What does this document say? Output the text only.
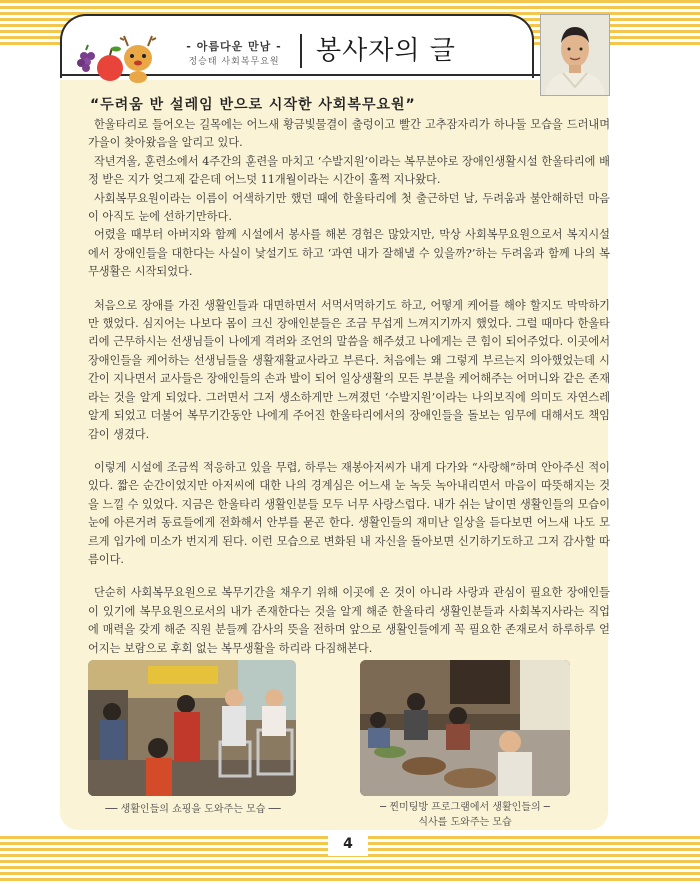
- 아름다운 만남 -
정승태 사회복무요원	봉사자의 글
“두려움 반 설레임 반으로 시작한 사회복무요원”

한울타리로 들어오는 길목에는 어느새 황금빛물결이 출렁이고 빨간 고추잠자리가 하나둘 모습을 드러내며 가을이 찾아왔음을 알리고 있다.

작년겨울, 훈련소에서 4주간의 훈련을 마치고 ‘수발지원’이라는 복무분야로 장애인생활시설 한울타리에 배정 받은 지가 엊그제 같은데 어느덧 11개월이라는 시간이 훌쩍 지나왔다.

사회복무요원이라는 이름이 어색하기만 했던 때에 한울타리에 첫 출근하던 날, 두려움과 불안해하던 마음이 아직도 눈에 선하기만하다.

어렸을 때부터 아버지와 함께 시설에서 봉사를 해본 경험은 많았지만, 막상 사회복무요원으로서 복지시설에서 장애인들을 대한다는 사실이 낯설기도 하고 ‘과연 내가 잘해낼 수 있을까?’하는 두려움과 함께 나의 복무생활은 시작되었다.

처음으로 장애를 가진 생활인들과 대면하면서 서먹서먹하기도 하고, 어떻게 케어를 해야 할지도 막막하기만 했었다. 심지어는 나보다 몸이 크신 장애인분들은 조금 무섭게 느껴지기까지 했었다. 그럴 때마다 한울타리에 근무하시는 선생님들이 나에게 격려와 조언의 말씀을 해주셨고 나에게는 큰 힘이 되어주었다. 이곳에서 장애인들을 케어하는 선생님들을 생활재활교사라고 부른다. 처음에는 왜 그렇게 부르는지 의아했었는데 시간이 지나면서 교사들은 장애인들의 손과 발이 되어 일상생활의 모든 부분을 케어해주는 어머니와 같은 존재라는 것을 알게 되었다. 그러면서 그저 생소하게만 느껴졌던 ‘수발지원’이라는 나의보직에 의미도 자연스레 알게 되었고 더불어 복무기간동안 나에게 주어진 한울타리에서의 장애인들을 돌보는 임무에 대해서도 책임감이 생겼다.

이렇게 시설에 조금씩 적응하고 있을 무렵, 하루는 재봉아저씨가 내게 다가와 “사랑해”하며 안아주신 적이 있다. 짧은 순간이었지만 아저씨에 대한 나의 경계심은 어느새 눈 녹듯 녹아내리면서 마음이 따뜻해지는 것을 느낄 수 있었다. 지금은 한울타리 생활인분들 모두 너무 사랑스럽다. 내가 쉬는 날이면 생활인들의 모습이 눈에 아른거려 동료들에게 전화해서 안부를 묻곤 한다. 생활인들의 재미난 일상을 듣다보면 어느새 나도 모르게 입가에 미소가 번지게 된다. 이런 모습으로 변화된 내 자신을 돌아보면 신기하기도하고 그저 감사할 따름이다.

단순히 사회복무요원으로 복무기간을 채우기 위해 이곳에 온 것이 아니라 사랑과 관심이 필요한 장애인들이 있기에 복무요원으로서의 내가 존재한다는 것을 알게 해준 한울타리 생활인분들과 사회복지사라는 직업에 매력을 갖게 해준 직원 분들께 감사의 뜻을 전하며 앞으로 생활인들에게 꼭 필요한 존재로서 하루하루 얻어지는 보람으로 후회 없는 복무생활을 하리라 다짐해본다.

── 생활인들의 쇼핑을 도와주는 모습 ──	─ 찐미팅방 프로그램에서 생활인들의 ─
식사를 도와주는 모습
4
